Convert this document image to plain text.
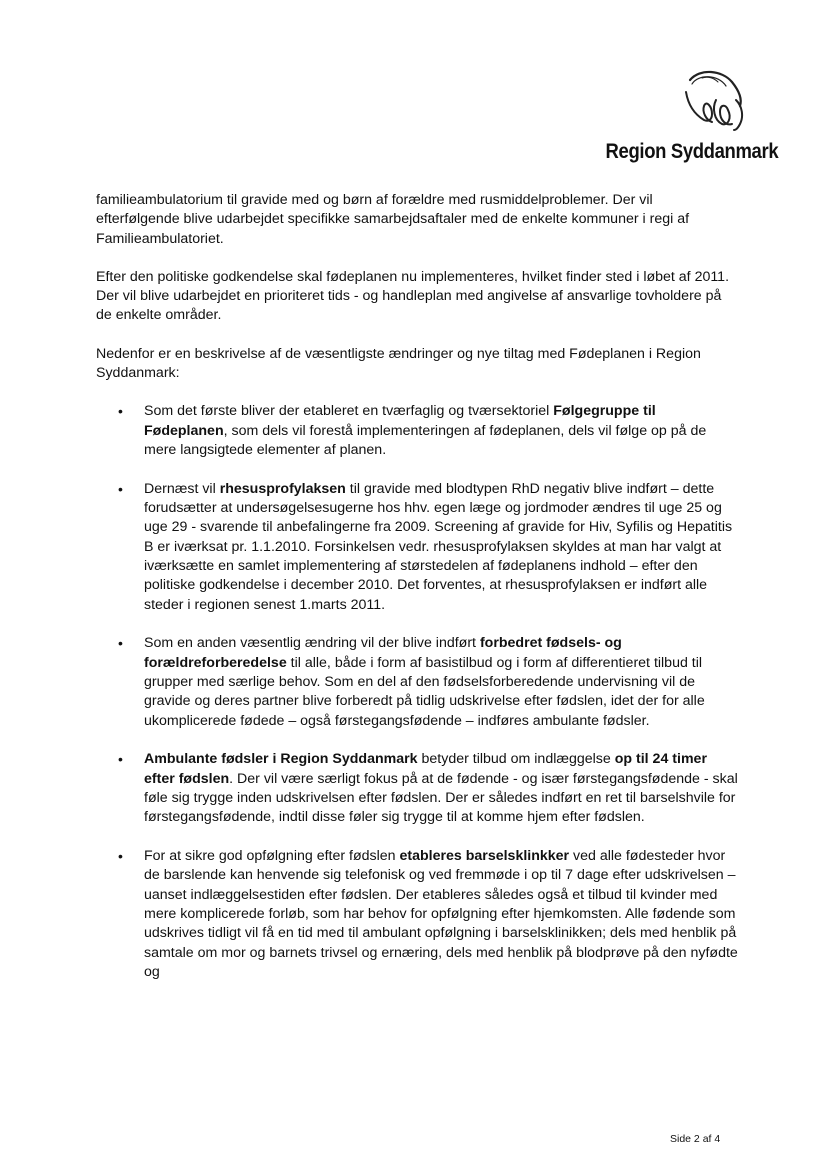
Region Syddanmark

familieambulatorium til gravide med og børn af forældre med rusmiddelproblemer. Der vil efterfølgende blive udarbejdet specifikke samarbejdsaftaler med de enkelte kommuner i regi af Familieambulatoriet.

Efter den politiske godkendelse skal fødeplanen nu implementeres, hvilket finder sted i løbet af 2011. Der vil blive udarbejdet en prioriteret tids - og handleplan med angivelse af ansvarlige tovholdere på de enkelte områder.

Nedenfor er en beskrivelse af de væsentligste ændringer og nye tiltag med Fødeplanen i Region Syddanmark:

• Som det første bliver der etableret en tværfaglig og tværsektoriel Følgegruppe til Fødeplanen, som dels vil forestå implementeringen af fødeplanen, dels vil følge op på de mere langsigtede elementer af planen.
• Dernæst vil rhesusprofylaksen til gravide med blodtypen RhD negativ blive indført – dette forudsætter at undersøgelsesugerne hos hhv. egen læge og jordmoder ændres til uge 25 og uge 29 - svarende til anbefalingerne fra 2009. Screening af gravide for Hiv, Syfilis og Hepatitis B er iværksat pr. 1.1.2010. Forsinkelsen vedr. rhesusprofylaksen skyldes at man har valgt at iværksætte en samlet implementering af størstedelen af fødeplanens indhold – efter den politiske godkendelse i december 2010. Det forventes, at rhesusprofylaksen er indført alle steder i regionen senest 1.marts 2011.
• Som en anden væsentlig ændring vil der blive indført forbedret fødsels- og forældreforberedelse til alle, både i form af basistilbud og i form af differentieret tilbud til grupper med særlige behov. Som en del af den fødselsforberedende undervisning vil de gravide og deres partner blive forberedt på tidlig udskrivelse efter fødslen, idet der for alle ukomplicerede fødede – også førstegangsfødende – indføres ambulante fødsler.
• Ambulante fødsler i Region Syddanmark betyder tilbud om indlæggelse op til 24 timer efter fødslen. Der vil være særligt fokus på at de fødende - og især førstegangsfødende - skal føle sig trygge inden udskrivelsen efter fødslen. Der er således indført en ret til barselshvile for førstegangsfødende, indtil disse føler sig trygge til at komme hjem efter fødslen.
• For at sikre god opfølgning efter fødslen etableres barselsklinkker ved alle fødesteder hvor de barslende kan henvende sig telefonisk og ved fremmøde i op til 7 dage efter udskrivelsen – uanset indlæggelsestiden efter fødslen. Der etableres således også et tilbud til kvinder med mere komplicerede forløb, som har behov for opfølgning efter hjemkomsten. Alle fødende som udskrives tidligt vil få en tid med til ambulant opfølgning i barselsklinikken; dels med henblik på samtale om mor og barnets trivsel og ernæring, dels med henblik på blodprøve på den nyfødte og
Side 2 af 4
